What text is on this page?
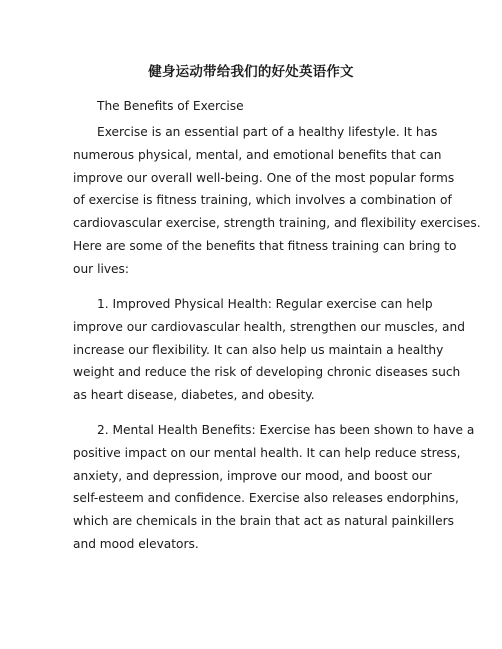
健身运动带给我们的好处英语作文

The Benefits of Exercise

Exercise is an essential part of a healthy lifestyle. It has
numerous physical, mental, and emotional benefits that can
improve our overall well-being. One of the most popular forms
of exercise is fitness training, which involves a combination of
cardiovascular exercise, strength training, and flexibility exercises.
Here are some of the benefits that fitness training can bring to
our lives:

1. Improved Physical Health: Regular exercise can help
improve our cardiovascular health, strengthen our muscles, and
increase our flexibility. It can also help us maintain a healthy
weight and reduce the risk of developing chronic diseases such
as heart disease, diabetes, and obesity.

2. Mental Health Benefits: Exercise has been shown to have a
positive impact on our mental health. It can help reduce stress,
anxiety, and depression, improve our mood, and boost our
self-esteem and confidence. Exercise also releases endorphins,
which are chemicals in the brain that act as natural painkillers
and mood elevators.
